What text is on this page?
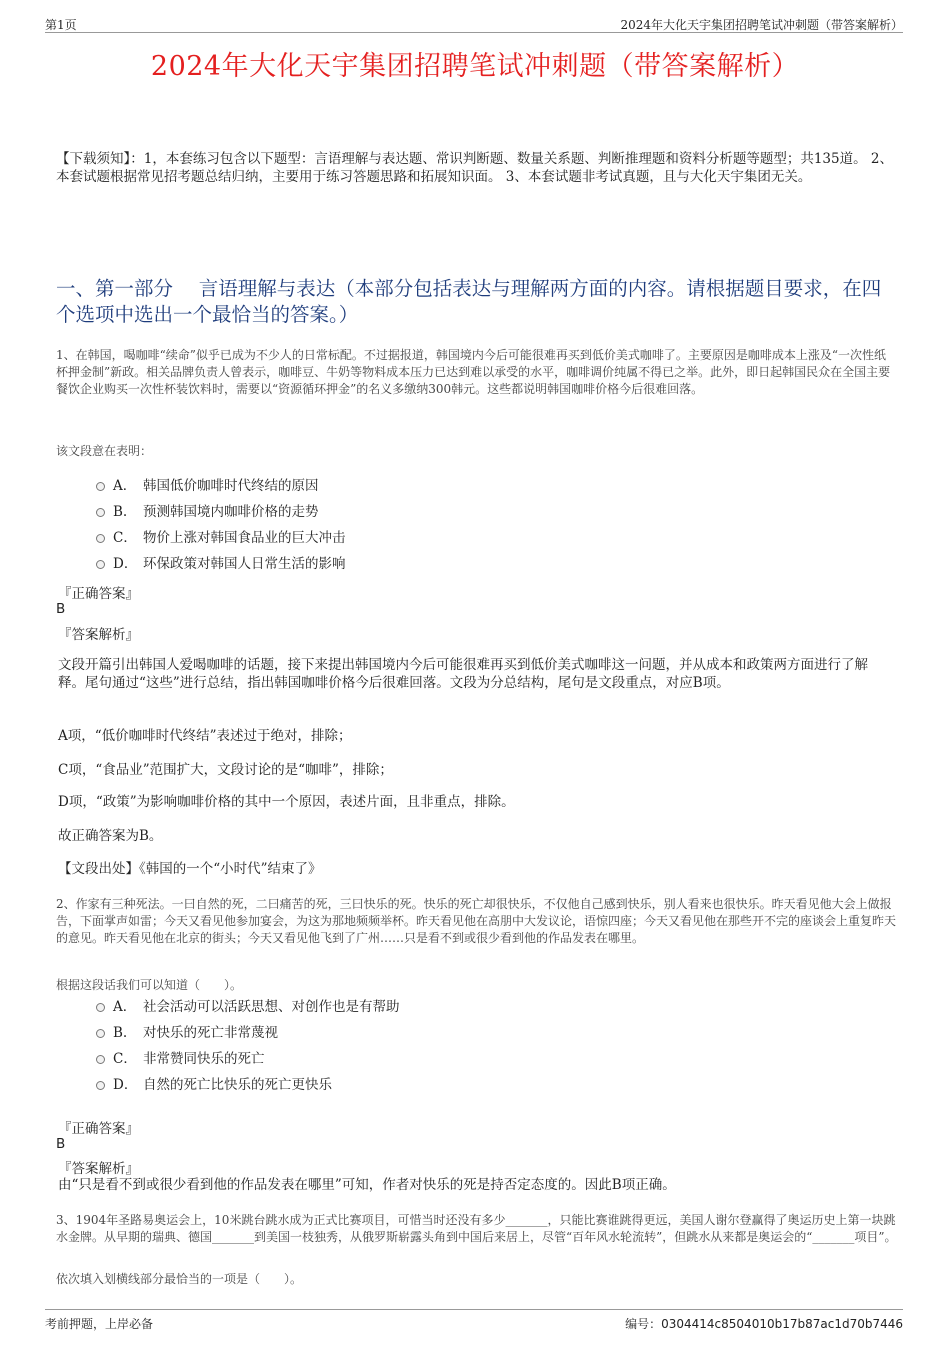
第1页	2024年大化天宇集团招聘笔试冲刺题（带答案解析）
2024年大化天宇集团招聘笔试冲刺题（带答案解析）
【下载须知】：1，本套练习包含以下题型：言语理解与表达题、常识判断题、数量关系题、判断推理题和资料分析题等题型；共135道。 2、本套试题根据常见招考题总结归纳，主要用于练习答题思路和拓展知识面。 3、本套试题非考试真题，且与大化天宇集团无关。
一、第一部分　 言语理解与表达（本部分包括表达与理解两方面的内容。请根据题目要求，在四个选项中选出一个最恰当的答案。）
1、在韩国，喝咖啡“续命”似乎已成为不少人的日常标配。不过据报道，韩国境内今后可能很难再买到低价美式咖啡了。主要原因是咖啡成本上涨及“一次性纸杯押金制”新政。相关品牌负责人曾表示，咖啡豆、牛奶等物料成本压力已达到难以承受的水平，咖啡调价纯属不得已之举。此外，即日起韩国民众在全国主要餐饮企业购买一次性杯装饮料时，需要以“资源循环押金”的名义多缴纳300韩元。这些都说明韩国咖啡价格今后很难回落。
该文段意在表明：
A． 韩国低价咖啡时代终结的原因
B. 预测韩国境内咖啡价格的走势
C． 物价上涨对韩国食品业的巨大冲击
D． 环保政策对韩国人日常生活的影响
『正确答案』
B
『答案解析』
文段开篇引出韩国人爱喝咖啡的话题，接下来提出韩国境内今后可能很难再买到低价美式咖啡这一问题，并从成本和政策两方面进行了解释。尾句通过“这些”进行总结，指出韩国咖啡价格今后很难回落。文段为分总结构，尾句是文段重点，对应B项。
A项，“低价咖啡时代终结”表述过于绝对，排除；
C项，“食品业”范围扩大，文段讨论的是“咖啡”，排除；
D项，“政策”为影响咖啡价格的其中一个原因，表述片面，且非重点，排除。
故正确答案为B。
【文段出处】《韩国的一个“小时代”结束了》
2、作家有三种死法。一曰自然的死，二曰痛苦的死，三曰快乐的死。快乐的死亡却很快乐，不仅他自己感到快乐，别人看来也很快乐。昨天看见他大会上做报告，下面掌声如雷；今天又看见他参加宴会，为这为那地频频举杯。昨天看见他在高朋中大发议论，语惊四座；今天又看见他在那些开不完的座谈会上重复昨天的意见。昨天看见他在北京的街头；今天又看见他飞到了广州……只是看不到或很少看到他的作品发表在哪里。
根据这段话我们可以知道（　　）。
A． 社会活动可以活跃思想、对创作也是有帮助
B. 对快乐的死亡非常蔑视
C． 非常赞同快乐的死亡
D． 自然的死亡比快乐的死亡更快乐
『正确答案』
B
『答案解析』
由“只是看不到或很少看到他的作品发表在哪里”可知，作者对快乐的死是持否定态度的。因此B项正确。
3、1904年圣路易奥运会上，10米跳台跳水成为正式比赛项目，可惜当时还没有多少_______，只能比赛谁跳得更远，美国人谢尔登赢得了奥运历史上第一块跳水金牌。从早期的瑞典、德国_______到美国一枝独秀，从俄罗斯崭露头角到中国后来居上，尽管“百年风水轮流转”，但跳水从来都是奥运会的“_______项目”。
依次填入划横线部分最恰当的一项是（　　）。
考前押题，上岸必备	编号：0304414c8504010b17b87ac1d70b7446
